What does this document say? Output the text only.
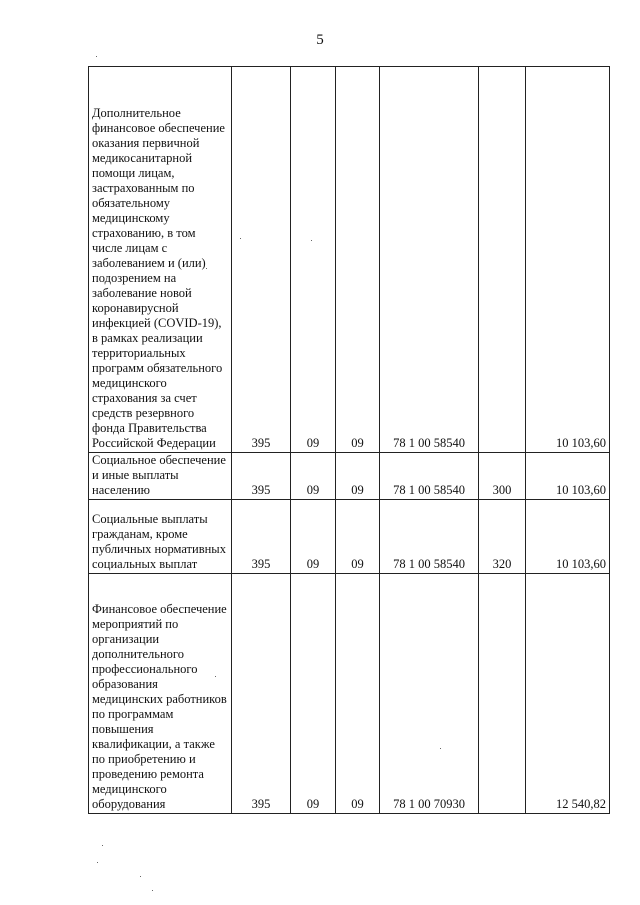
5
Дополнительное финансовое обеспечение оказания первичной медикосанитарной помощи лицам, застрахованным по обязательному медицинскому страхованию, в том числе лицам с заболеванием и (или) подозрением на заболевание новой коронавирусной инфекцией (COVID-19), в рамках реализации территориальных программ обязательного медицинского страхования за счет средств резервного фонда Правительства Российской Федерации	395	09	09	78 1 00 58540		10 103,60
Социальное обеспечение и иные выплаты населению	395	09	09	78 1 00 58540	300	10 103,60
Социальные выплаты гражданам, кроме публичных нормативных социальных выплат	395	09	09	78 1 00 58540	320	10 103,60
Финансовое обеспечение мероприятий по организации дополнительного профессионального образования медицинских работников по программам повышения квалификации, а также по приобретению и проведению ремонта медицинского оборудования	395	09	09	78 1 00 70930		12 540,82
